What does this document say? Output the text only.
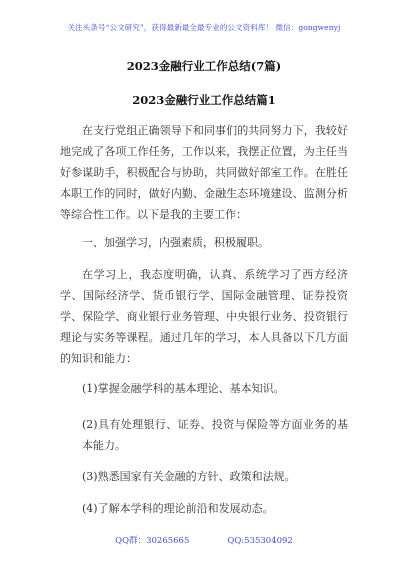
关注头条号“公文研究”，获得最新最全最专业的公文资料库！ 微信：gongwenyj
2023金融行业工作总结(7篇)
2023金融行业工作总结篇1
在支行党组正确领导下和同事们的共同努力下，我较好地完成了各项工作任务，工作以来，我摆正位置，为主任当好参谋助手，积极配合与协助，共同做好部室工作。在胜任本职工作的同时，做好内勤、金融生态环境建设、监测分析等综合性工作。以下是我的主要工作：
一、加强学习，内强素质，积极履职。
在学习上，我态度明确，认真、系统学习了西方经济学、国际经济学、货币银行学、国际金融管理、证券投资学、保险学、商业银行业务管理、中央银行业务、投资银行理论与实务等课程。通过几年的学习，本人具备以下几方面的知识和能力：
(1)掌握金融学科的基本理论、基本知识。
(2)具有处理银行、证券、投资与保险等方面业务的基本能力。
(3)熟悉国家有关金融的方针、政策和法规。
(4)了解本学科的理论前沿和发展动态。
QQ群：30265665	QQ:535304092
